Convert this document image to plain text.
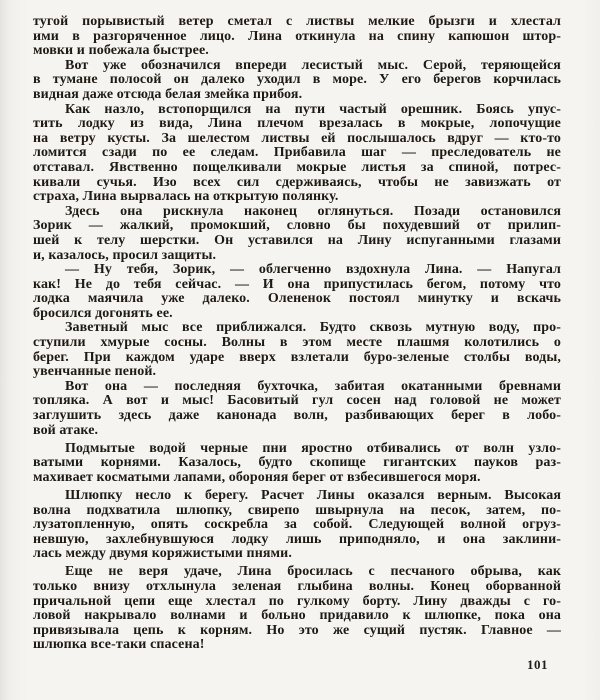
тугой порывистый ветер сметал с листвы мелкие брызги и хлестал
ими в разгоряченное лицо. Лина откинула на спину капюшон штор-
мовки и побежала быстрее.
Вот уже обозначился впереди лесистый мыс. Серой, теряющейся
в тумане полосой он далеко уходил в море. У его берегов корчилась
видная даже отсюда белая змейка прибоя.
Как назло, встопорщился на пути частый орешник. Боясь упус-
тить лодку из вида, Лина плечом врезалась в мокрые, лопочущие
на ветру кусты. За шелестом листвы ей послышалось вдруг — кто-то
ломится сзади по ее следам. Прибавила шаг — преследователь не
отставал. Явственно пощелкивали мокрые листья за спиной, потрес-
кивали сучья. Изо всех сил сдерживаясь, чтобы не завизжать от
страха, Лина вырвалась на открытую полянку.
Здесь она рискнула наконец оглянуться. Позади остановился
Зорик — жалкий, промокший, словно бы похудевший от прилип-
шей к телу шерстки. Он уставился на Лину испуганными глазами
и, казалось, просил защиты.
— Ну тебя, Зорик, — облегченно вздохнула Лина. — Напугал
как! Не до тебя сейчас. — И она припустилась бегом, потому что
лодка маячила уже далеко. Олененок постоял минутку и вскачь
бросился догонять ее.
Заветный мыс все приближался. Будто сквозь мутную воду, про-
ступили хмурые сосны. Волны в этом месте плашмя колотились о
берег. При каждом ударе вверх взлетали буро-зеленые столбы воды,
увенчанные пеной.
Вот она — последняя бухточка, забитая окатанными бревнами
топляка. А вот и мыс! Басовитый гул сосен над головой не может
заглушить здесь даже канонада волн, разбивающих берег в лобо-
вой атаке.
Подмытые водой черные пни яростно отбивались от волн узло-
ватыми корнями. Казалось, будто скопище гигантских пауков раз-
махивает косматыми лапами, обороняя берег от взбесившегося моря.
Шлюпку несло к берегу. Расчет Лины оказался верным. Высокая
волна подхватила шлюпку, свирепо швырнула на песок, затем, по-
лузатопленную, опять соскребла за собой. Следующей волной огруз-
невшую, захлебнувшуюся лодку лишь приподняло, и она заклини-
лась между двумя коряжистыми пнями.
Еще не веря удаче, Лина бросилась с песчаного обрыва, как
только внизу отхлынула зеленая глыбина волны. Конец оборванной
причальной цепи еще хлестал по гулкому борту. Лину дважды с го-
ловой накрывало волнами и больно придавило к шлюпке, пока она
привязывала цепь к корням. Но это же сущий пустяк. Главное —
шлюпка все-таки спасена!
101
